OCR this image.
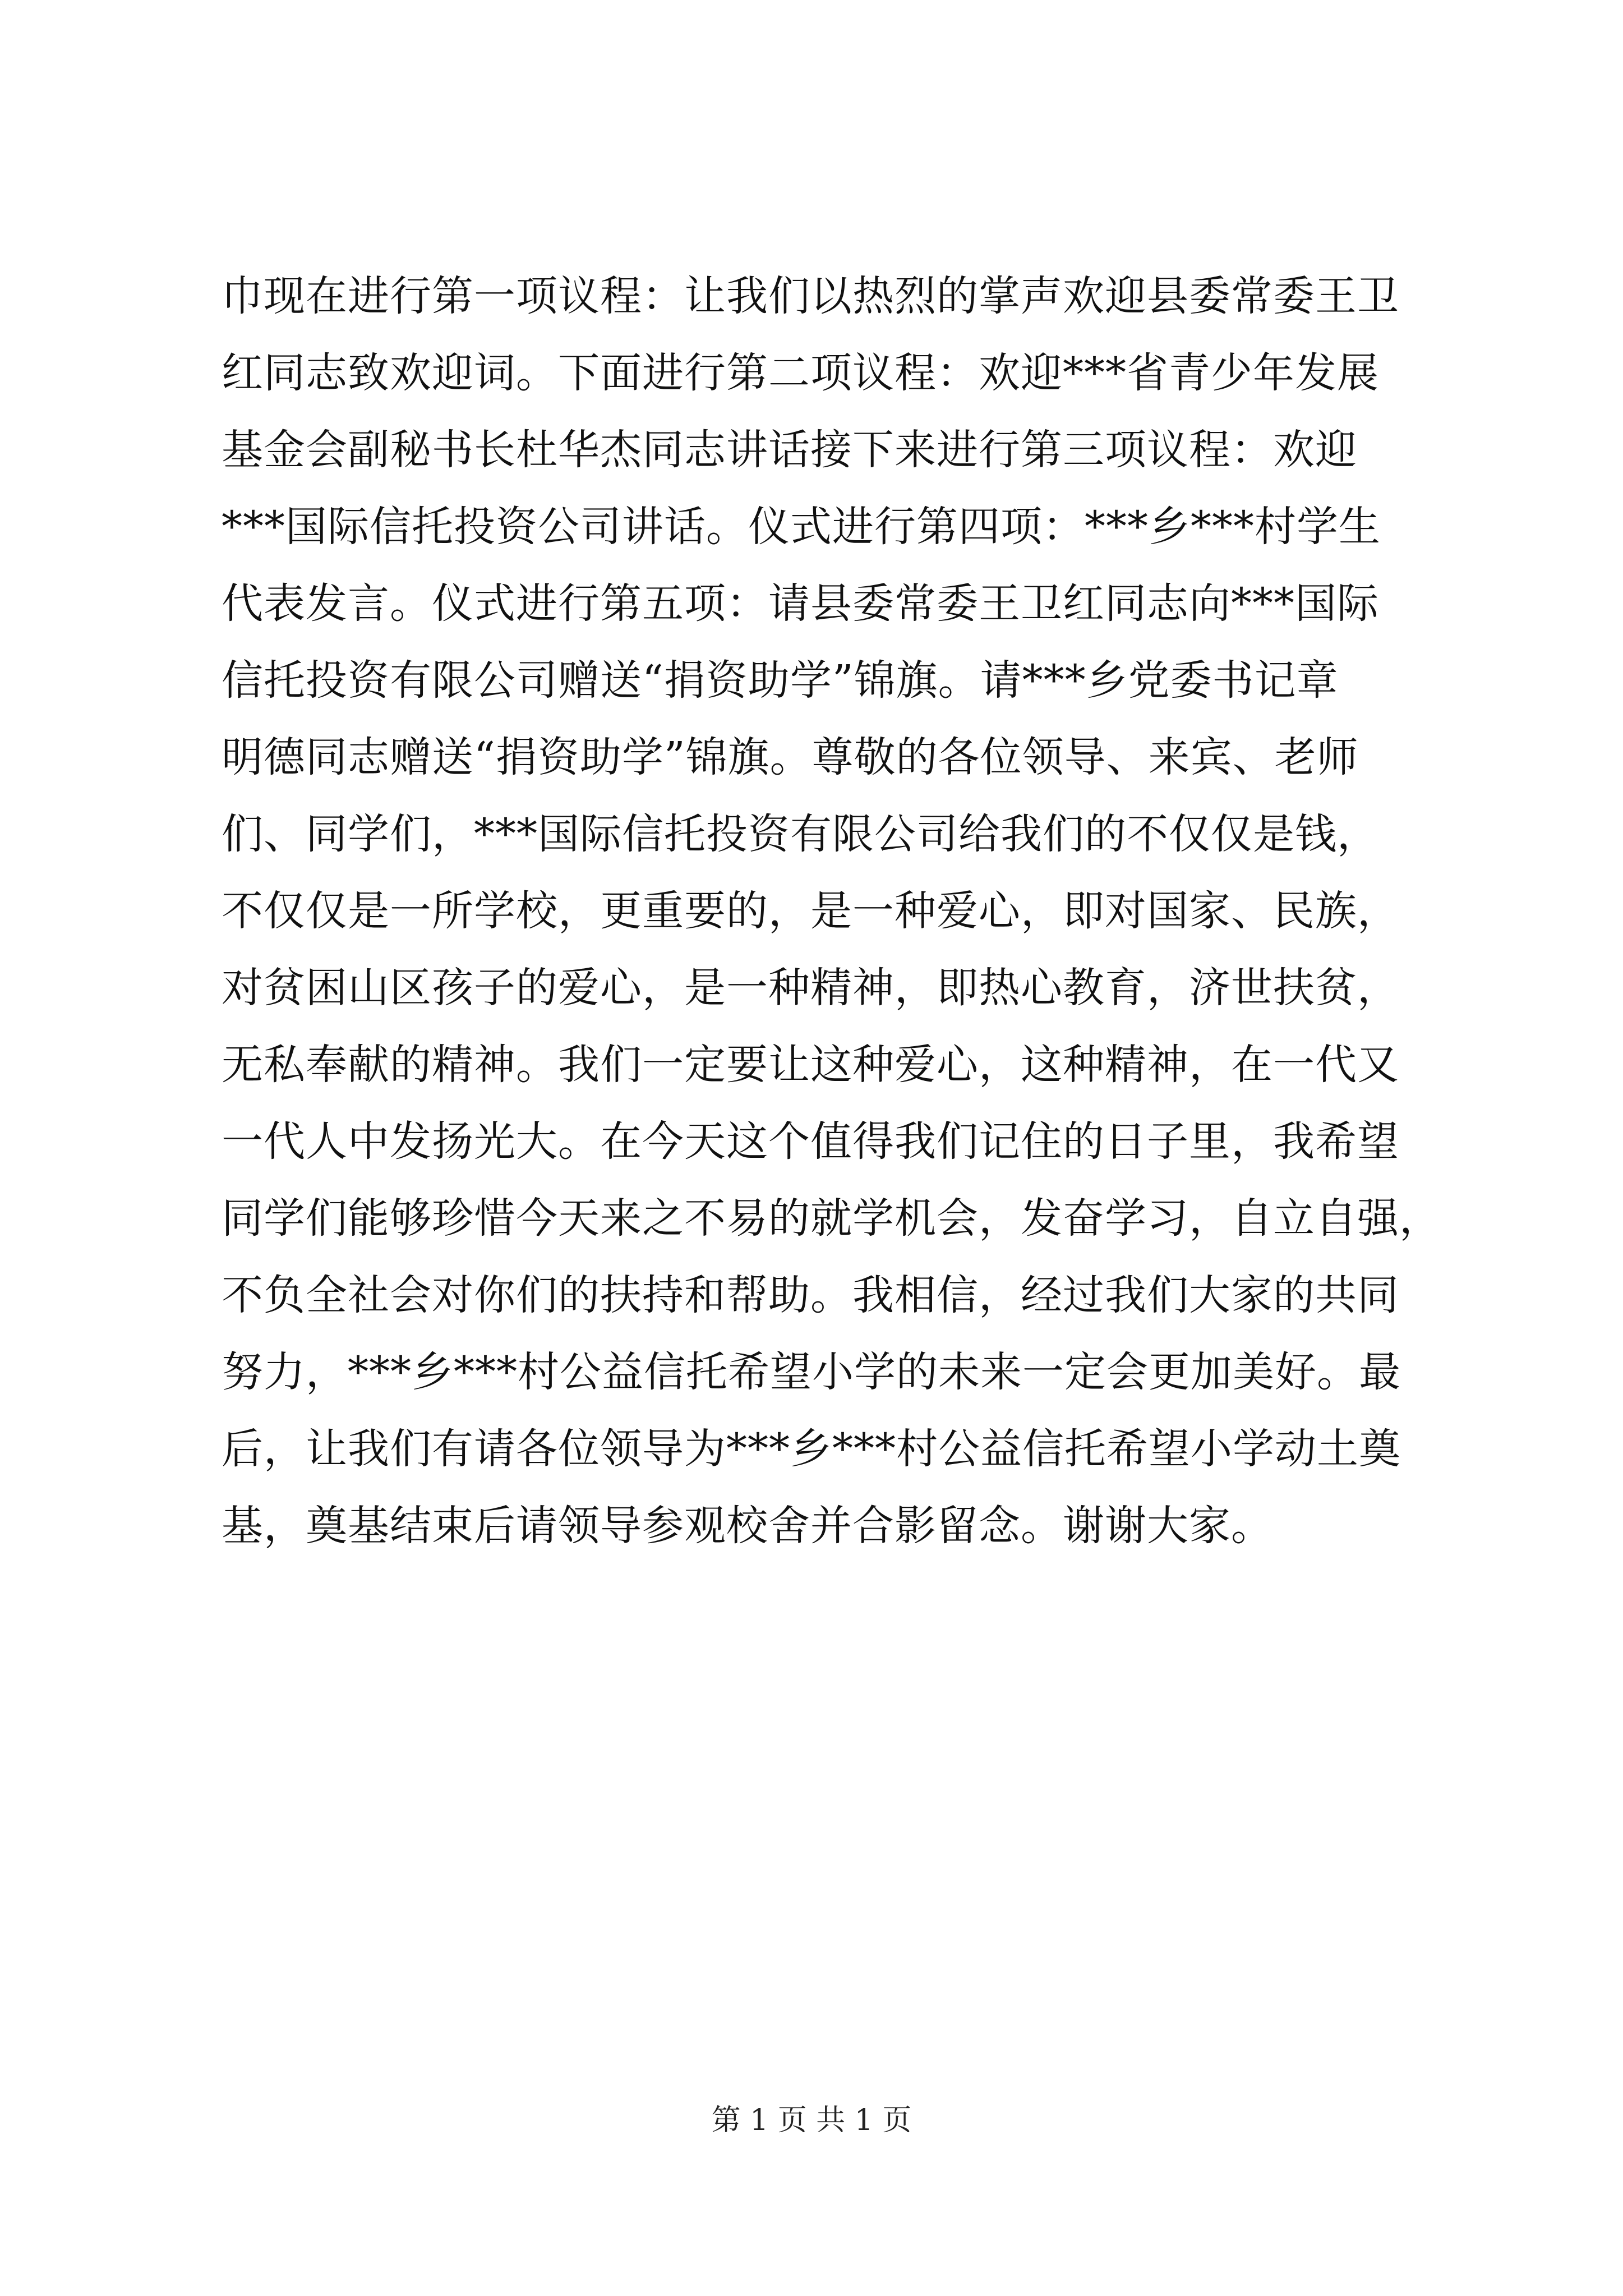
巾现在进行第一项议程：让我们以热烈的掌声欢迎县委常委王卫
红同志致欢迎词。下面进行第二项议程：欢迎***省青少年发展
基金会副秘书长杜华杰同志讲话接下来进行第三项议程：欢迎
***国际信托投资公司讲话。仪式进行第四项：***乡***村学生
代表发言。仪式进行第五项：请县委常委王卫红同志向***国际
信托投资有限公司赠送“捐资助学”锦旗。请***乡党委书记章
明德同志赠送“捐资助学”锦旗。尊敬的各位领导、来宾、老师
们、同学们，***国际信托投资有限公司给我们的不仅仅是钱，
不仅仅是一所学校，更重要的，是一种爱心，即对国家、民族，
对贫困山区孩子的爱心，是一种精神，即热心教育，济世扶贫，
无私奉献的精神。我们一定要让这种爱心，这种精神，在一代又
一代人中发扬光大。在今天这个值得我们记住的日子里，我希望
同学们能够珍惜今天来之不易的就学机会，发奋学习，自立自强，
不负全社会对你们的扶持和帮助。我相信，经过我们大家的共同
努力，***乡***村公益信托希望小学的未来一定会更加美好。最
后，让我们有请各位领导为***乡***村公益信托希望小学动土奠
基，奠基结束后请领导参观校舍并合影留念。谢谢大家。
第 1 页 共 1 页
